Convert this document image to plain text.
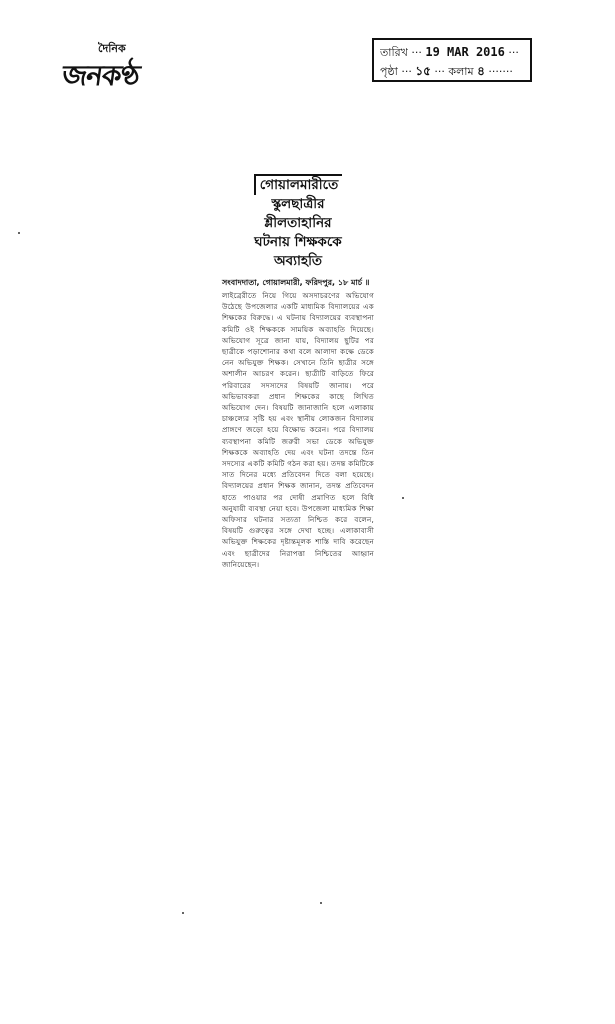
দৈনিক
জনকণ্ঠ
তারিখ ··· 19 MAR 2016 ···
পৃষ্ঠা ··· ১৫ ··· কলাম ৪ ·······
গোয়ালমারীতে
স্কুলছাত্রীর
শ্লীলতাহানির
ঘটনায় শিক্ষককে
অব্যাহতি
সংবাদদাতা, গোয়ালমারী, ফরিদপুর, ১৮ মার্চ ॥
লাইব্রেরীতে নিয়ে গিয়ে অসদাচরণের অভিযোগ উঠেছে উপজেলার একটি মাধ্যমিক বিদ্যালয়ের এক শিক্ষকের বিরুদ্ধে। এ ঘটনায় বিদ্যালয়ের ব্যবস্থাপনা কমিটি ওই শিক্ষককে সাময়িক অব্যাহতি দিয়েছে। অভিযোগ সূত্রে জানা যায়, বিদ্যালয় ছুটির পর ছাত্রীকে পড়াশোনার কথা বলে আলাদা কক্ষে ডেকে নেন অভিযুক্ত শিক্ষক। সেখানে তিনি ছাত্রীর সঙ্গে অশালীন আচরণ করেন। ছাত্রীটি বাড়িতে ফিরে পরিবারের সদস্যদের বিষয়টি জানায়। পরে অভিভাবকরা প্রধান শিক্ষকের কাছে লিখিত অভিযোগ দেন। বিষয়টি জানাজানি হলে এলাকায় চাঞ্চল্যের সৃষ্টি হয় এবং স্থানীয় লোকজন বিদ্যালয় প্রাঙ্গণে জড়ো হয়ে বিক্ষোভ করেন। পরে বিদ্যালয় ব্যবস্থাপনা কমিটি জরুরী সভা ডেকে অভিযুক্ত শিক্ষককে অব্যাহতি দেয় এবং ঘটনা তদন্তে তিন সদস্যের একটি কমিটি গঠন করা হয়। তদন্ত কমিটিকে সাত দিনের মধ্যে প্রতিবেদন দিতে বলা হয়েছে। বিদ্যালয়ের প্রধান শিক্ষক জানান, তদন্ত প্রতিবেদন হাতে পাওয়ার পর দোষী প্রমাণিত হলে বিধি অনুযায়ী ব্যবস্থা নেয়া হবে। উপজেলা মাধ্যমিক শিক্ষা অফিসার ঘটনার সত্যতা নিশ্চিত করে বলেন, বিষয়টি গুরুত্বের সঙ্গে দেখা হচ্ছে। এলাকাবাসী অভিযুক্ত শিক্ষকের দৃষ্টান্তমূলক শাস্তি দাবি করেছেন এবং ছাত্রীদের নিরাপত্তা নিশ্চিতের আহ্বান জানিয়েছেন।
